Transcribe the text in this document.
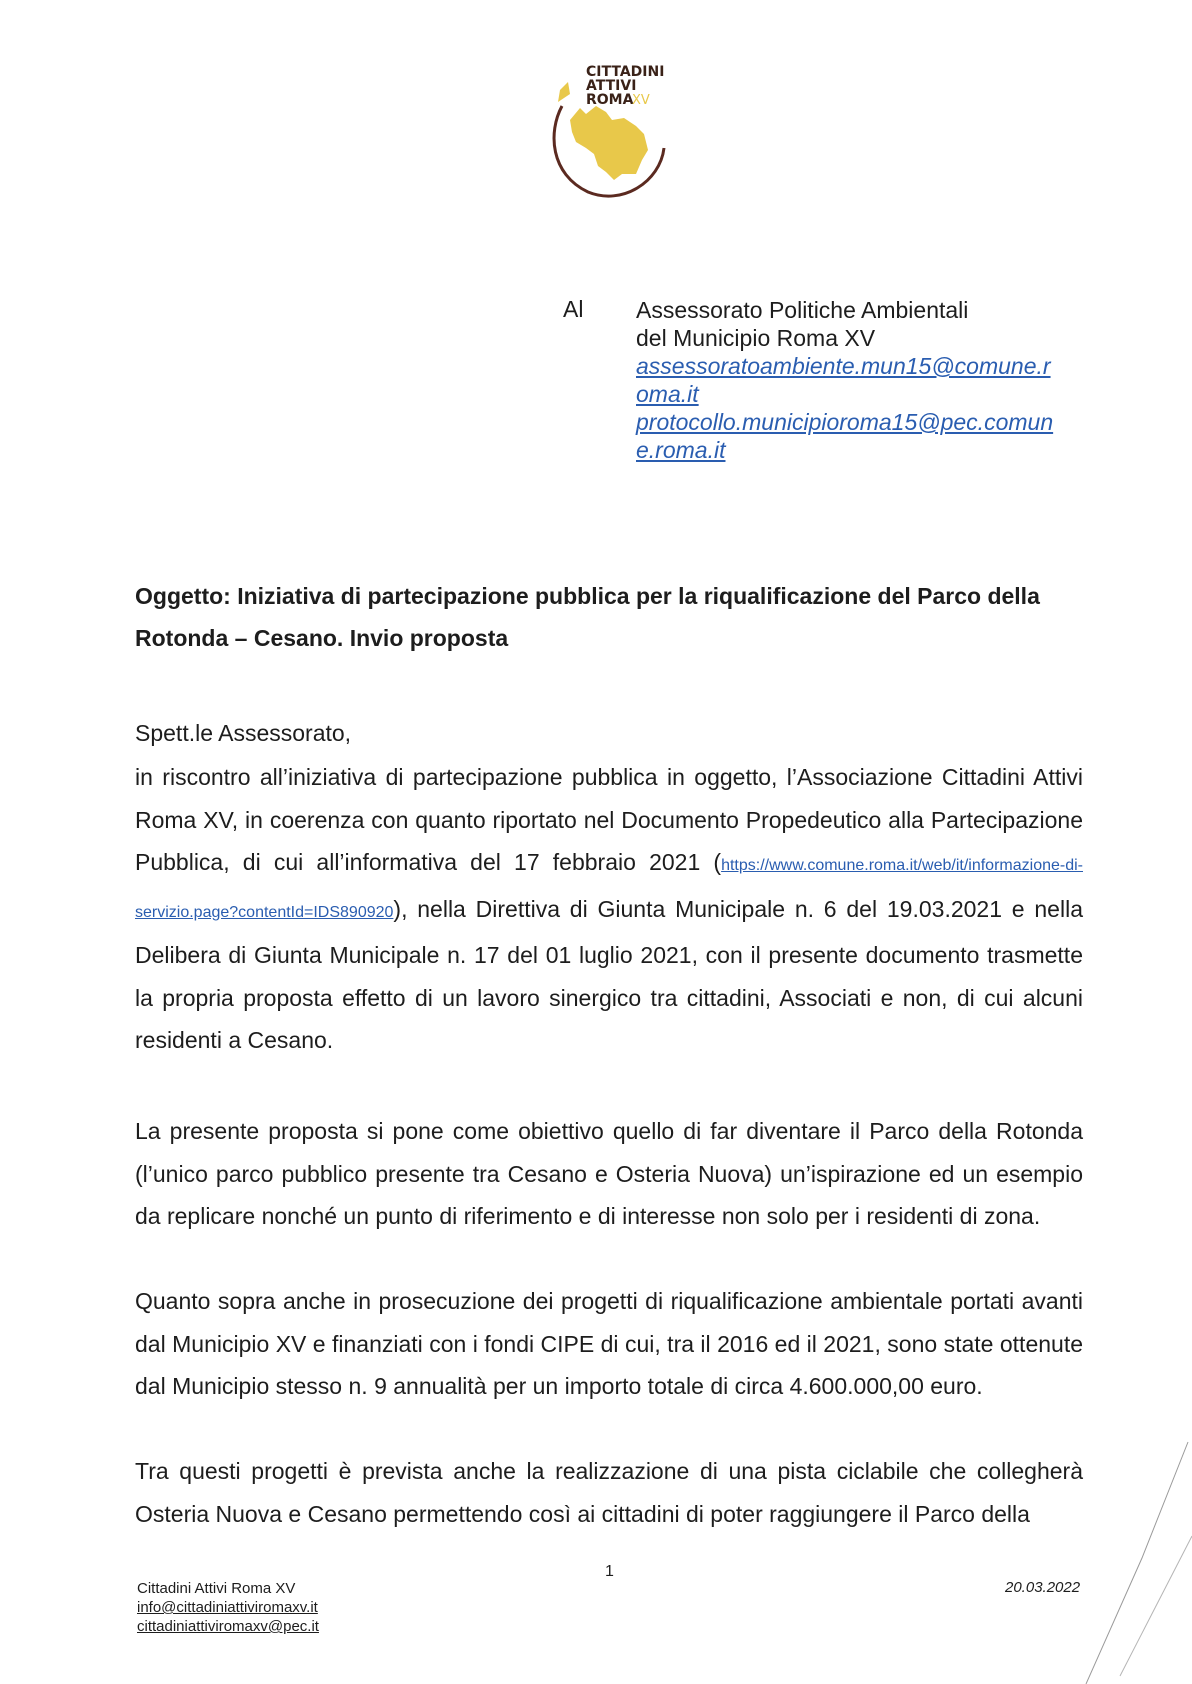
CITTADINI
ATTIVI
ROMA
XV
Al Assessorato Politiche Ambientali
del Municipio Roma XV
assessoratoambiente.mun15@comune.r
oma.it
protocollo.municipioroma15@pec.comun
e.roma.it
Oggetto: Iniziativa di partecipazione pubblica per la riqualificazione del Parco della Rotonda – Cesano. Invio proposta
Spett.le Assessorato,
in riscontro all’iniziativa di partecipazione pubblica in oggetto, l’Associazione Cittadini Attivi Roma XV, in coerenza con quanto riportato nel Documento Propedeutico alla Partecipazione Pubblica, di cui all’informativa del 17 febbraio 2021 (https://www.comune.roma.it/web/it/informazione-di-servizio.page?contentId=IDS890920), nella Direttiva di Giunta Municipale n. 6 del 19.03.2021 e nella Delibera di Giunta Municipale n. 17 del 01 luglio 2021, con il presente documento trasmette la propria proposta effetto di un lavoro sinergico tra cittadini, Associati e non, di cui alcuni residenti a Cesano.
La presente proposta si pone come obiettivo quello di far diventare il Parco della Rotonda (l’unico parco pubblico presente tra Cesano e Osteria Nuova) un’ispirazione ed un esempio da replicare nonché un punto di riferimento e di interesse non solo per i residenti di zona.
Quanto sopra anche in prosecuzione dei progetti di riqualificazione ambientale portati avanti dal Municipio XV e finanziati con i fondi CIPE di cui, tra il 2016 ed il 2021, sono state ottenute dal Municipio stesso n. 9 annualità per un importo totale di circa 4.600.000,00 euro.
Tra questi progetti è prevista anche la realizzazione di una pista ciclabile che collegherà Osteria Nuova e Cesano permettendo così ai cittadini di poter raggiungere il Parco della
1
Cittadini Attivi Roma XV
info@cittadiniattiviromaxv.it
cittadiniattiviromaxv@pec.it
20.03.2022
